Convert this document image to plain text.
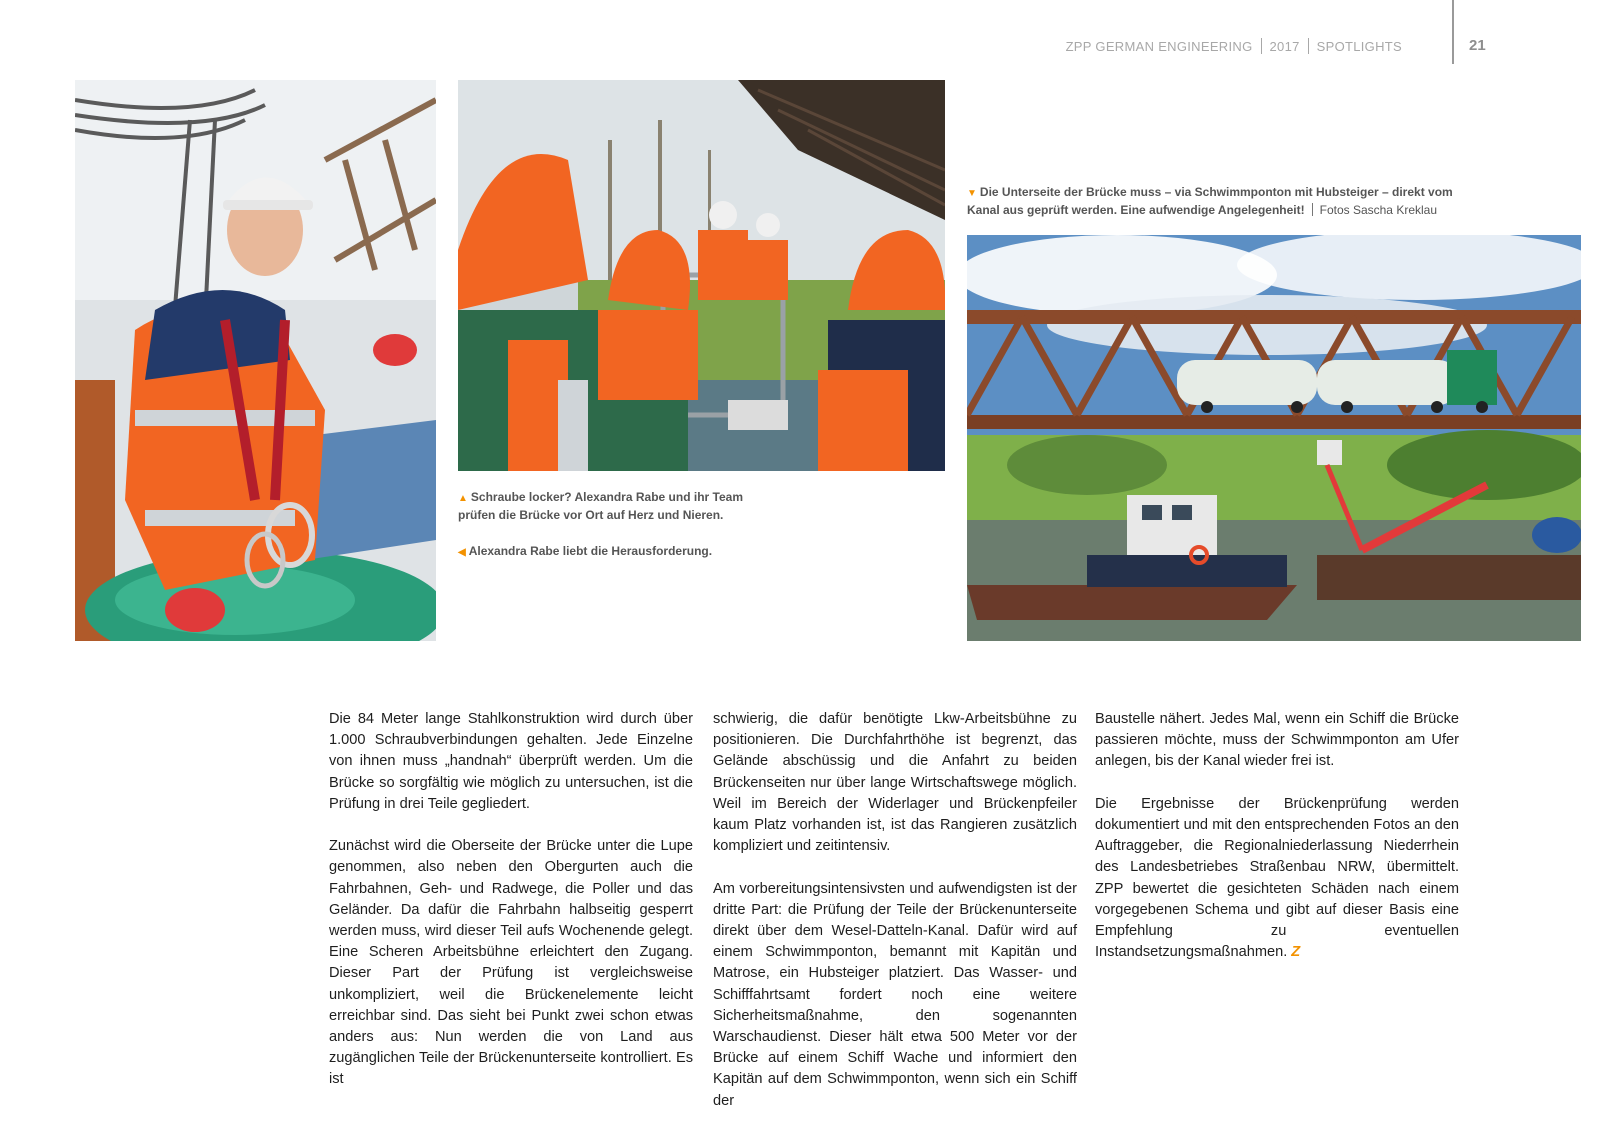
ZPP GERMAN ENGINEERING 2017 SPOTLIGHTS	21
▼ Die Unterseite der Brücke muss – via Schwimmponton mit Hubsteiger – direkt vom Kanal aus geprüft werden. Eine aufwendige Angelegenheit! Fotos Sascha Kreklau
▲ Schraube locker? Alexandra Rabe und ihr Team prüfen die Brücke vor Ort auf Herz und Nieren.
◀ Alexandra Rabe liebt die Herausforderung.

Die 84 Meter lange Stahlkonstruktion wird durch über 1.000 Schraubverbindungen gehalten. Jede Einzelne von ihnen muss „handnah“ überprüft werden. Um die Brücke so sorgfältig wie möglich zu untersuchen, ist die Prüfung in drei Teile gegliedert.

Zunächst wird die Oberseite der Brücke unter die Lupe genommen, also neben den Obergurten auch die Fahrbahnen, Geh- und Radwege, die Poller und das Geländer. Da dafür die Fahrbahn halbseitig gesperrt werden muss, wird dieser Teil aufs Wochenende gelegt. Eine Scheren Arbeitsbühne erleichtert den Zugang. Dieser Part der Prüfung ist vergleichsweise unkompliziert, weil die Brückenelemente leicht erreichbar sind. Das sieht bei Punkt zwei schon etwas anders aus: Nun werden die von Land aus zugänglichen Teile der Brückenunterseite kontrolliert. Es ist

schwierig, die dafür benötigte Lkw-Arbeitsbühne zu positionieren. Die Durchfahrthöhe ist begrenzt, das Gelände abschüssig und die Anfahrt zu beiden Brückenseiten nur über lange Wirtschaftswege möglich. Weil im Bereich der Widerlager und Brückenpfeiler kaum Platz vorhanden ist, ist das Rangieren zusätzlich kompliziert und zeitintensiv.

Am vorbereitungsintensivsten und aufwendigsten ist der dritte Part: die Prüfung der Teile der Brückenunterseite direkt über dem Wesel-Datteln-Kanal. Dafür wird auf einem Schwimmponton, bemannt mit Kapitän und Matrose, ein Hubsteiger platziert. Das Wasser- und Schifffahrtsamt fordert noch eine weitere Sicherheitsmaßnahme, den sogenannten Warschaudienst. Dieser hält etwa 500 Meter vor der Brücke auf einem Schiff Wache und informiert den Kapitän auf dem Schwimmponton, wenn sich ein Schiff der

Baustelle nähert. Jedes Mal, wenn ein Schiff die Brücke passieren möchte, muss der Schwimmponton am Ufer anlegen, bis der Kanal wieder frei ist.

Die Ergebnisse der Brückenprüfung werden dokumentiert und mit den entsprechenden Fotos an den Auftraggeber, die Regionalniederlassung Niederrhein des Landesbetriebes Straßenbau NRW, übermittelt. ZPP bewertet die gesichteten Schäden nach einem vorgegebenen Schema und gibt auf dieser Basis eine Empfehlung zu eventuellen Instandsetzungsmaßnahmen. Z
